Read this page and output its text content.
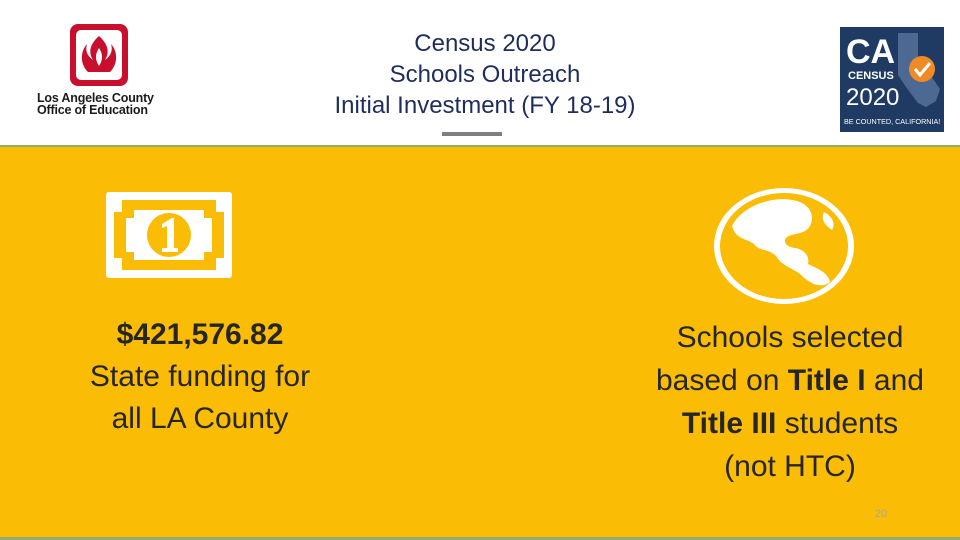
Los Angeles County
Office of Education
Census 2020
Schools Outreach
Initial Investment (FY 18-19)
CA
CENSUS
2020
BE COUNTED, CALIFORNIA!
$421,576.82
State funding for
all LA County
Schools selected
based on Title I and
Title III students
(not HTC)
20
